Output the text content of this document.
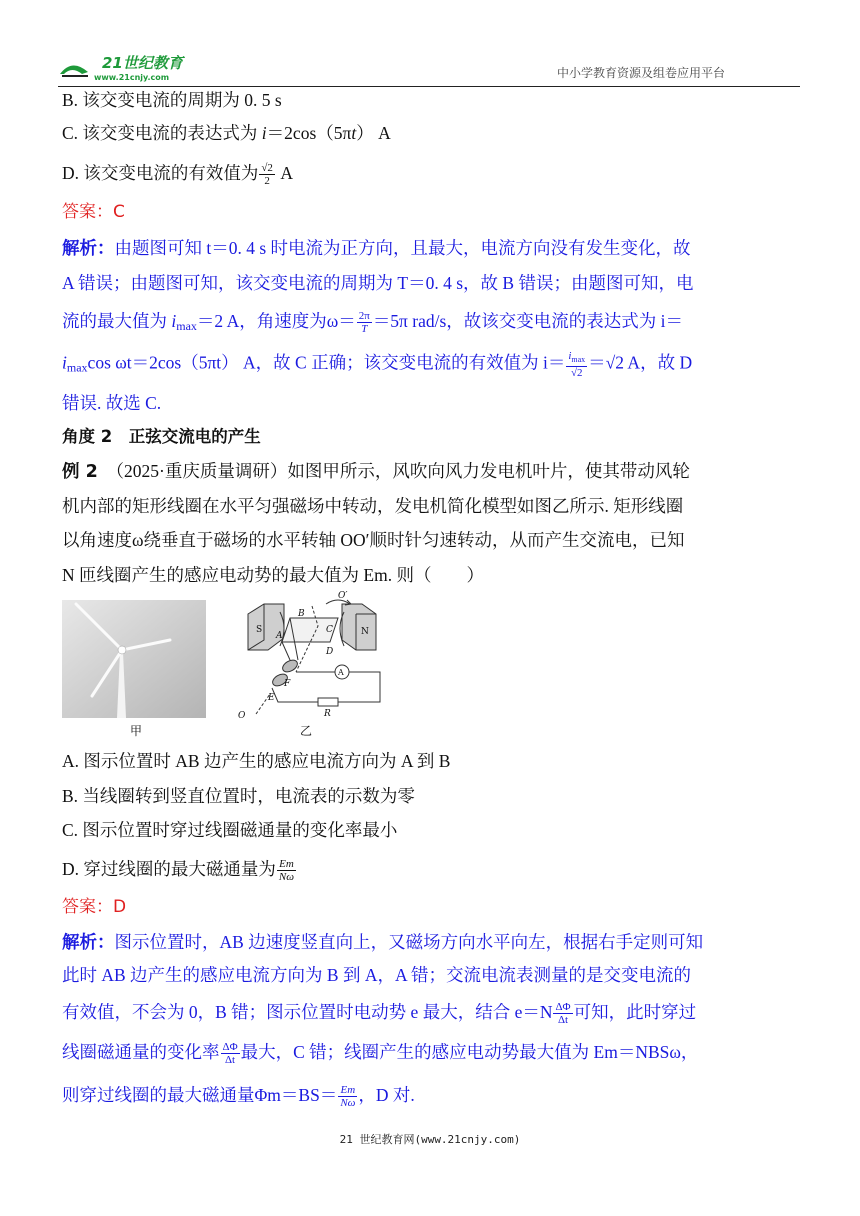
21世纪教育
www.21cnjy.com	中小学教育资源及组卷应用平台
B. 该交变电流的周期为 0. 5 s
C. 该交变电流的表达式为 i＝2cos（5πt） A
D. 该交变电流的有效值为 $\frac{√2}{2}$ A
答案：C
解析：由题图可知 t＝0. 4 s 时电流为正方向，且最大，电流方向没有发生变化，故
A 错误；由题图可知，该交变电流的周期为 T＝0. 4 s，故 B 错误；由题图可知，电
流的最大值为 $i_{max}=2$ A，角速度为$\omega= \frac{2\pi}{T} =5\pi$ rad/s，故该交变电流的表达式为 i＝
$i_{max}\cos$ ωt＝2cos（5πt） A，故 C 正确；该交变电流的有效值为 $i= \frac{i_{max}}{√2} =√2$ A，故 D
错误. 故选 C.
角度 2　正弦交流电的产生
例 2　（2025·重庆质量调研）如图甲所示，风吹向风力发电机叶片，使其带动风轮
机内部的矩形线圈在水平匀强磁场中转动，发电机简化模型如图乙所示. 矩形线圈
以角速度ω绕垂直于磁场的水平转轴 OO′顺时针匀速转动，从而产生交流电，已知
N 匝线圈产生的感应电动势的最大值为 Em. 则（　　）
甲
S	N
A
B
C
D
F
E
R
O
O′
A
乙
A. 图示位置时 AB 边产生的感应电流方向为 A 到 B
B. 当线圈转到竖直位置时，电流表的示数为零
C. 图示位置时穿过线圈磁通量的变化率最小
D. 穿过线圈的最大磁通量为 $\frac{Em}{N\omega}$
答案：D
解析：图示位置时，AB 边速度竖直向上，又磁场方向水平向左，根据右手定则可知
此时 AB 边产生的感应电流方向为 B 到 A，A 错；交流电流表测量的是交变电流的
有效值，不会为 0，B 错；图示位置时电动势 e 最大，结合 $e=N \frac{\Delta\Phi}{\Delta t}$ 可知，此时穿过
线圈磁通量的变化率 $\frac{\Delta\Phi}{\Delta t}$ 最大，C 错；线圈产生的感应电动势最大值为 Em＝NBSω，
则穿过线圈的最大磁通量$\Phi m=BS= \frac{Em}{N\omega}$ ，D 对.
21 世纪教育网(www.21cnjy.com)
